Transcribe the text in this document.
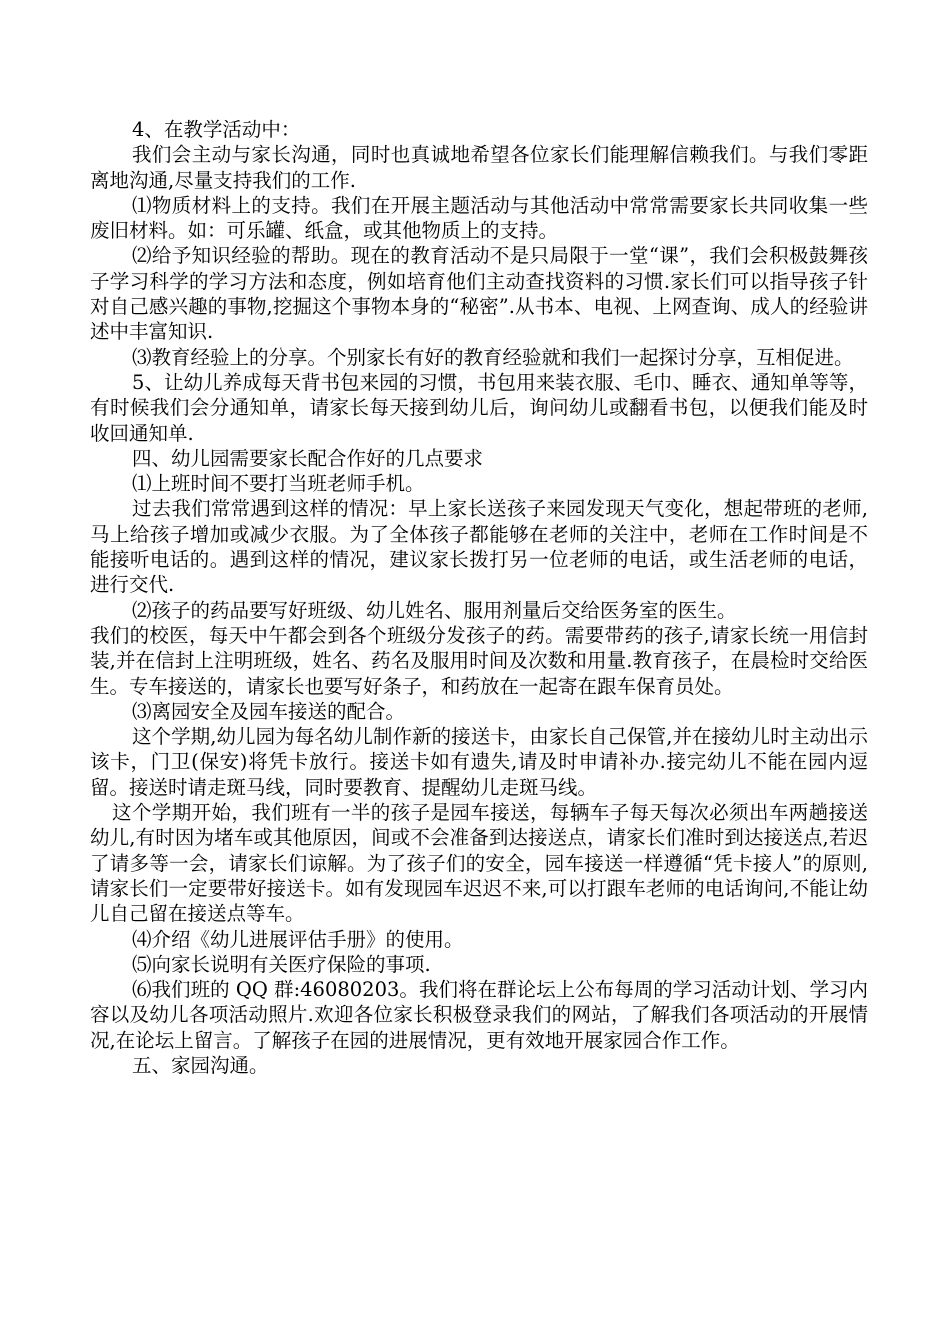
4、在教学活动中：

我们会主动与家长沟通，同时也真诚地希望各位家长们能理解信赖我们。与我们零距离地沟通,尽量支持我们的工作.

⑴物质材料上的支持。我们在开展主题活动与其他活动中常常需要家长共同收集一些废旧材料。如：可乐罐、纸盒，或其他物质上的支持。

⑵给予知识经验的帮助。现在的教育活动不是只局限于一堂“课”，我们会积极鼓舞孩子学习科学的学习方法和态度，例如培育他们主动查找资料的习惯.家长们可以指导孩子针对自己感兴趣的事物,挖掘这个事物本身的“秘密”.从书本、电视、上网查询、成人的经验讲述中丰富知识.

⑶教育经验上的分享。个别家长有好的教育经验就和我们一起探讨分享，互相促进。

5、让幼儿养成每天背书包来园的习惯，书包用来装衣服、毛巾、睡衣、通知单等等，有时候我们会分通知单，请家长每天接到幼儿后，询问幼儿或翻看书包，以便我们能及时收回通知单.

四、幼儿园需要家长配合作好的几点要求

⑴上班时间不要打当班老师手机。

过去我们常常遇到这样的情况：早上家长送孩子来园发现天气变化，想起带班的老师,马上给孩子增加或减少衣服。为了全体孩子都能够在老师的关注中，老师在工作时间是不能接听电话的。遇到这样的情况，建议家长拨打另一位老师的电话，或生活老师的电话，进行交代.

⑵孩子的药品要写好班级、幼儿姓名、服用剂量后交给医务室的医生。

我们的校医，每天中午都会到各个班级分发孩子的药。需要带药的孩子,请家长统一用信封装,并在信封上注明班级，姓名、药名及服用时间及次数和用量.教育孩子，在晨检时交给医生。专车接送的，请家长也要写好条子，和药放在一起寄在跟车保育员处。

⑶离园安全及园车接送的配合。

这个学期,幼儿园为每名幼儿制作新的接送卡，由家长自己保管,并在接幼儿时主动出示该卡，门卫(保安)将凭卡放行。接送卡如有遗失,请及时申请补办.接完幼儿不能在园内逗留。接送时请走斑马线，同时要教育、提醒幼儿走斑马线。

这个学期开始，我们班有一半的孩子是园车接送，每辆车子每天每次必须出车两趟接送幼儿,有时因为堵车或其他原因，间或不会准备到达接送点，请家长们准时到达接送点,若迟了请多等一会，请家长们谅解。为了孩子们的安全，园车接送一样遵循“凭卡接人”的原则,请家长们一定要带好接送卡。如有发现园车迟迟不来,可以打跟车老师的电话询问,不能让幼儿自己留在接送点等车。

⑷介绍《幼儿进展评估手册》的使用。

⑸向家长说明有关医疗保险的事项.

⑹我们班的 QQ 群:46080203。我们将在群论坛上公布每周的学习活动计划、学习内容以及幼儿各项活动照片.欢迎各位家长积极登录我们的网站，了解我们各项活动的开展情况,在论坛上留言。了解孩子在园的进展情况，更有效地开展家园合作工作。

五、家园沟通。
